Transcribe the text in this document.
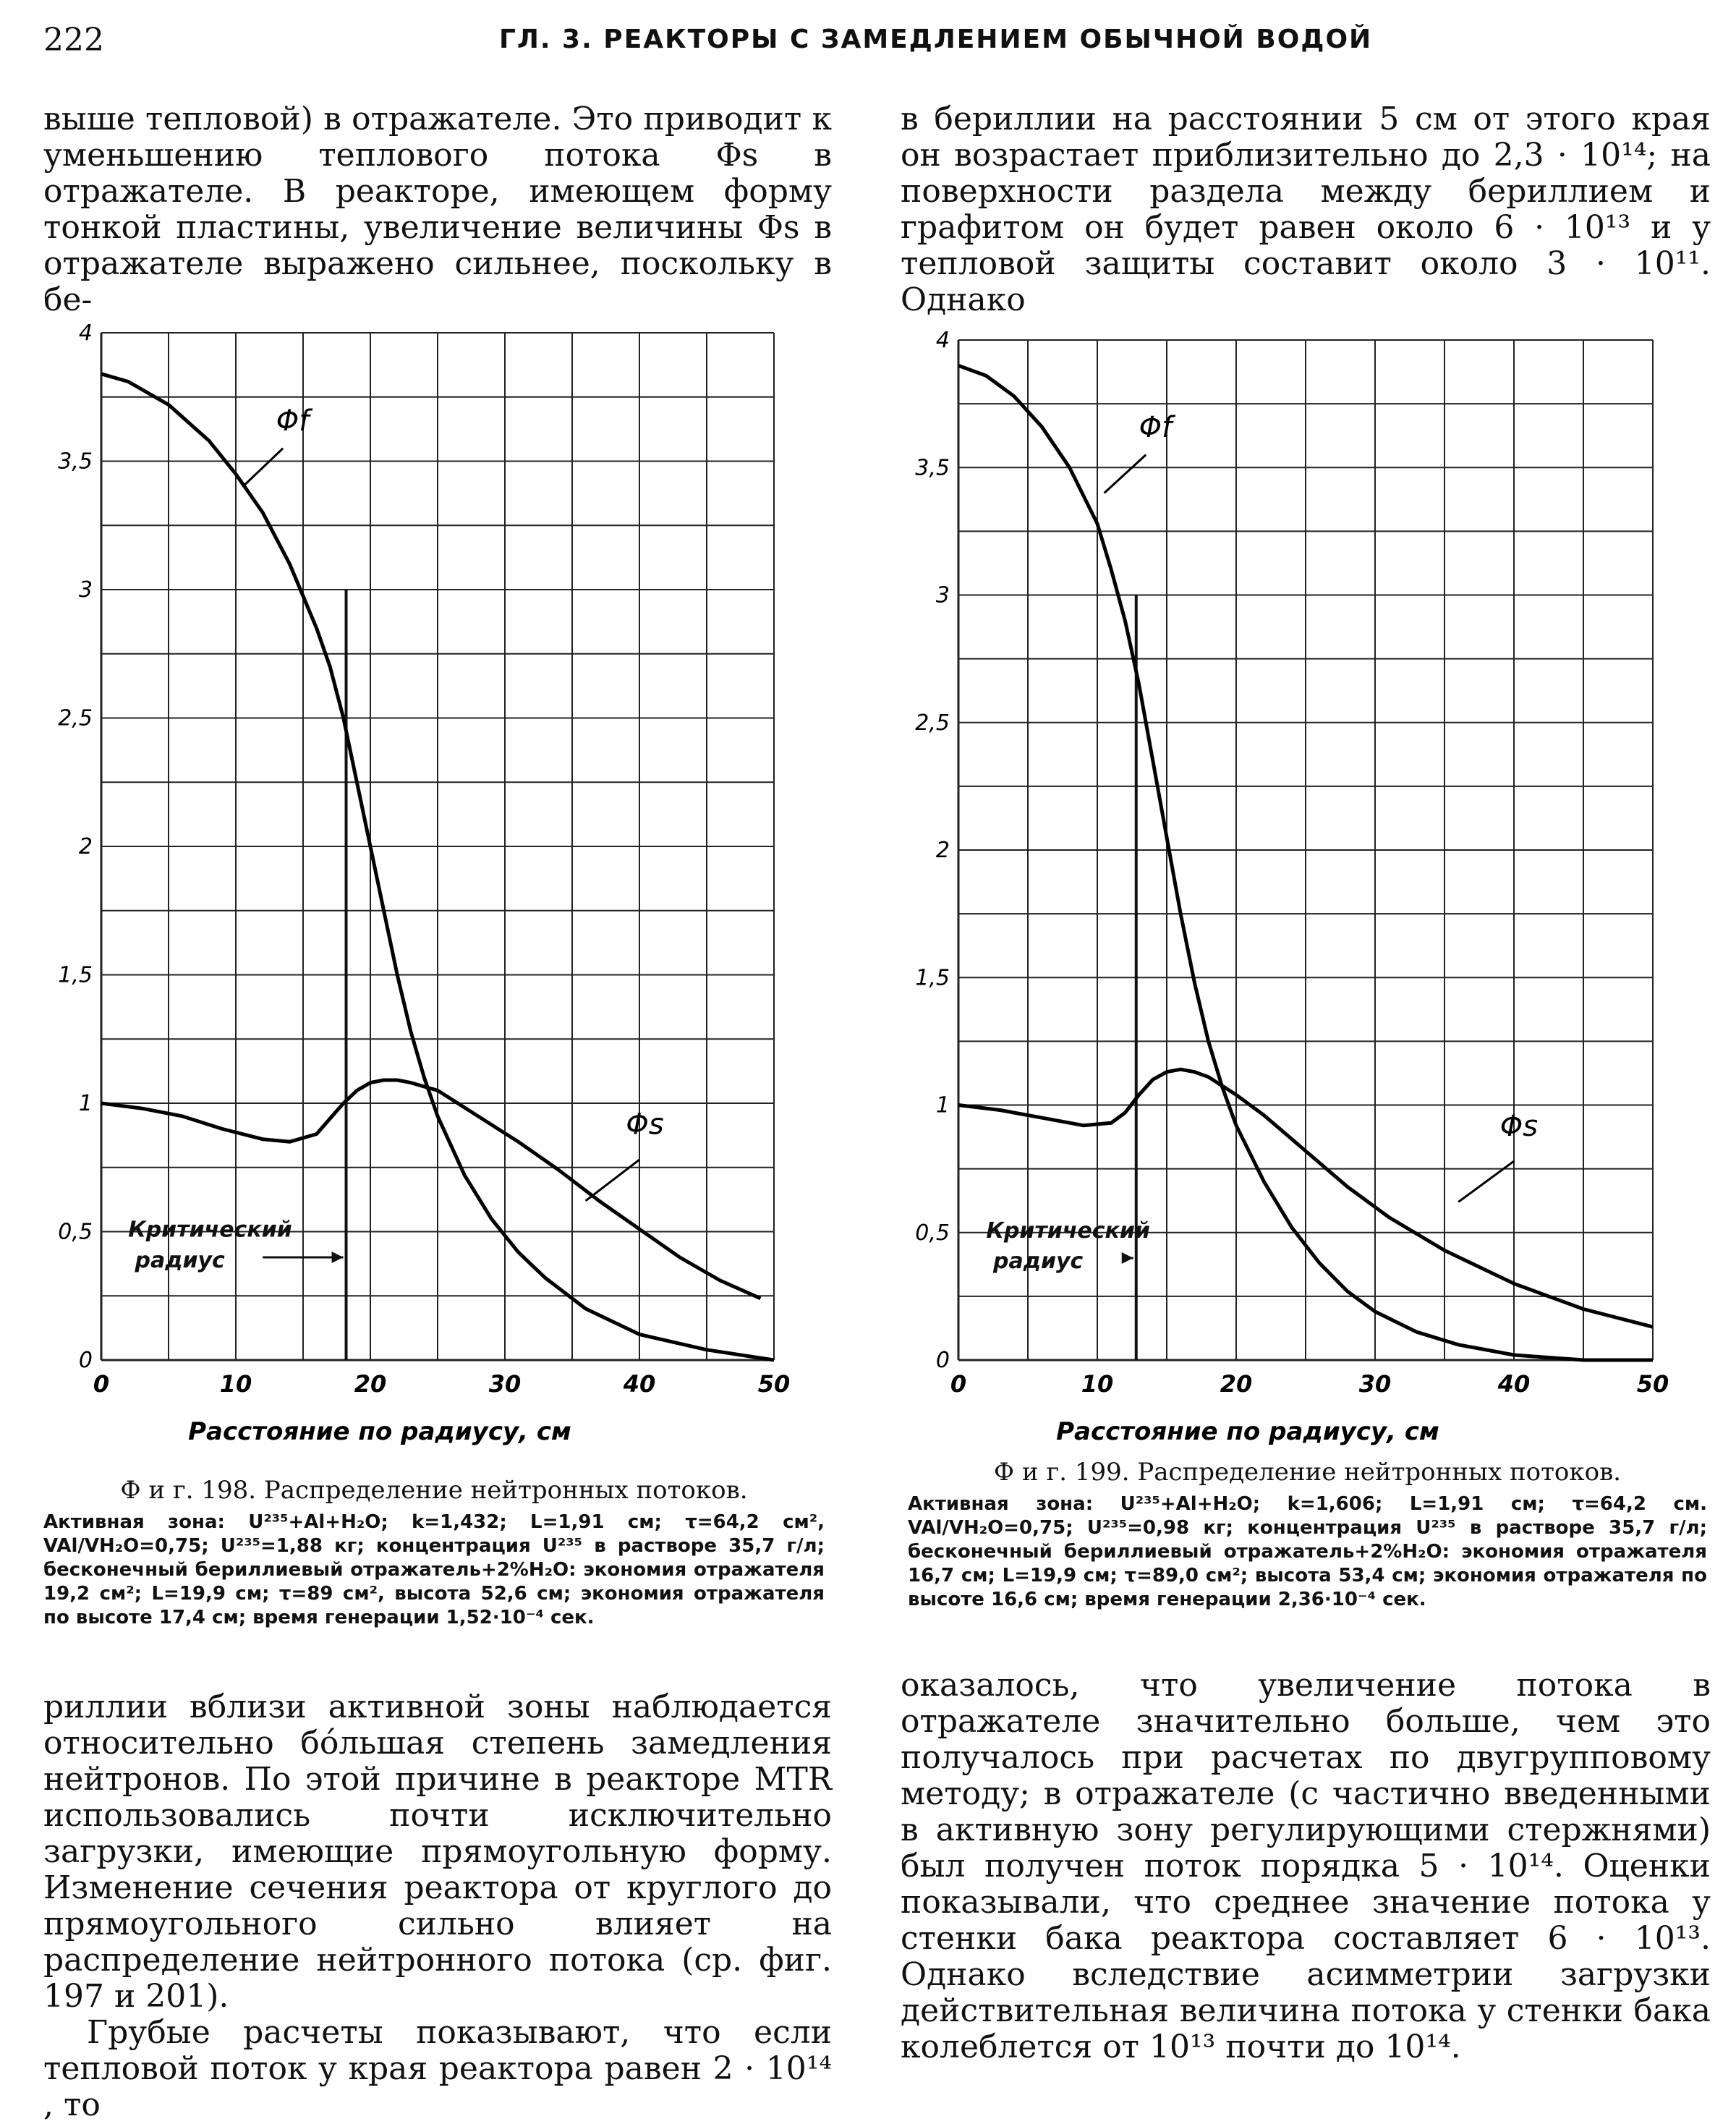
222	ГЛ. 3. РЕАКТОРЫ С ЗАМЕДЛЕНИЕМ ОБЫЧНОЙ ВОДОЙ

выше тепловой) в отражателе. Это приводит к уменьшению теплового потока Φs в отражателе. В реакторе, имеющем форму тонкой пластины, увеличение величины Φs в отражателе выражено сильнее, поскольку в бе-

в бериллии на расстоянии 5 см от этого края он возрастает приблизительно до 2,3 · 10¹⁴; на поверхности раздела между бериллием и графитом он будет равен около 6 · 10¹³ и у тепловой защиты составит около 3 · 10¹¹. Однако

0
0,5
1
1,5
2
2,5
3
3,5
4
0	10	20	30	40	50
Расстояние по радиусу, см
Критический
радиус
Φf
Φs

Ф и г. 198. Распределение нейтронных потоков.

Активная зона: U²³⁵+Al+H₂O; k=1,432; L=1,91 см; τ=64,2 см², VAl/VH₂O=0,75; U²³⁵=1,88 кг; концентрация U²³⁵ в растворе 35,7 г/л; бесконечный бериллиевый отражатель+2%H₂O: экономия отражателя 19,2 см²; L=19,9 см; τ=89 см², высота 52,6 см; экономия отражателя по высоте 17,4 см; время генерации 1,52·10⁻⁴ сек.

0
0,5
1
1,5
2
2,5
3
3,5
4
0	10	20	30	40	50
Расстояние по радиусу, см
Критический
радиус
Φf
Φs

Ф и г. 199. Распределение нейтронных потоков.

Активная зона: U²³⁵+Al+H₂O; k=1,606; L=1,91 см; τ=64,2 см. VAl/VH₂O=0,75; U²³⁵=0,98 кг; концентрация U²³⁵ в растворе 35,7 г/л; бесконечный бериллиевый отражатель+2%H₂O: экономия отражателя 16,7 см; L=19,9 см; τ=89,0 см²; высота 53,4 см; экономия отражателя по высоте 16,6 см; время генерации 2,36·10⁻⁴ сек.

риллии вблизи активной зоны наблюдается относительно бóльшая степень замедления нейтронов. По этой причине в реакторе MTR использовались почти исключительно загрузки, имеющие прямоугольную форму. Изменение сечения реактора от круглого до прямоугольного сильно влияет на распределение нейтронного потока (ср. фиг. 197 и 201).

Грубые расчеты показывают, что если тепловой поток у края реактора равен 2 · 10¹⁴ , то

оказалось, что увеличение потока в отражателе значительно больше, чем это получалось при расчетах по двугрупповому методу; в отражателе (с частично введенными в активную зону регулирующими стержнями) был получен поток порядка 5 · 10¹⁴. Оценки показывали, что среднее значение потока у стенки бака реактора составляет 6 · 10¹³. Однако вследствие асимметрии загрузки действительная величина потока у стенки бака колеблется от 10¹³ почти до 10¹⁴.
